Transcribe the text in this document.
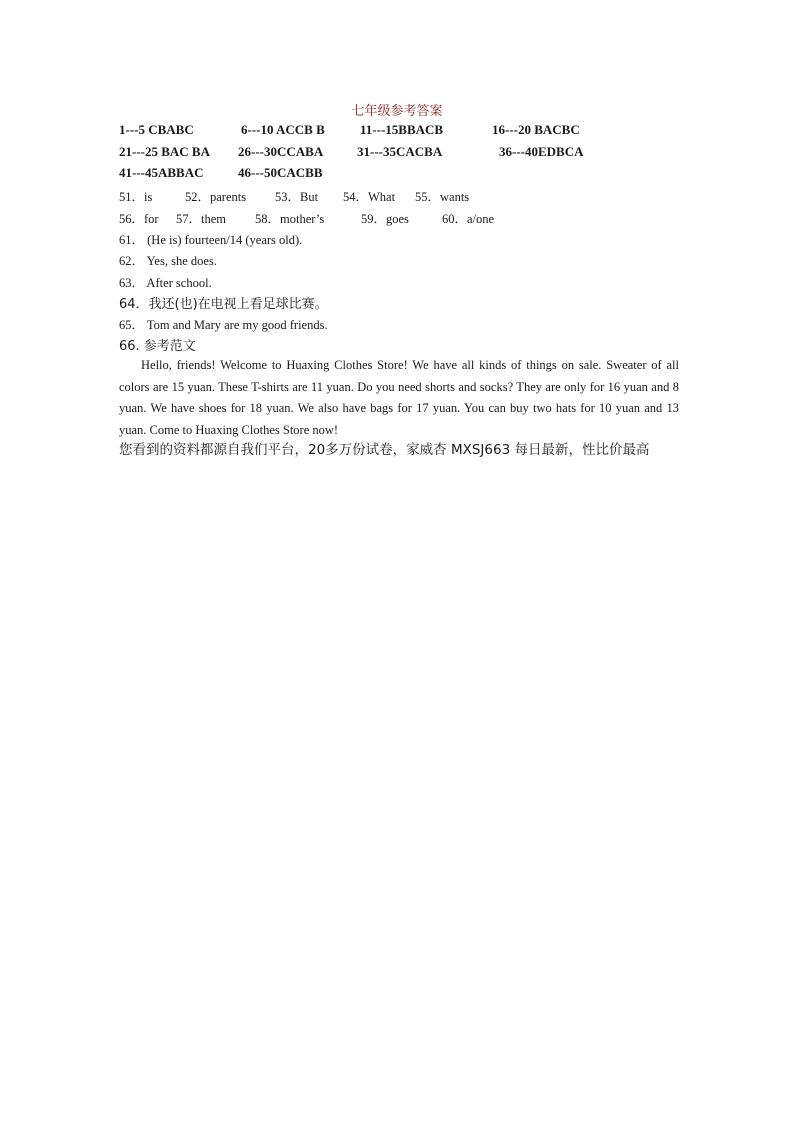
七年级参考答案
1---5 CBABC	6---10 ACCB B	11---15BBACB	16---20 BACBC
21---25 BAC BA 26---30CCABA	31---35CACBA	36---40EDBCA
41---45ABBAC	46---50CACBB
51．is	52．parents 53．But 54．What 55．wants
56．for 57．them 58．mother’s	59．goes	60．a/one
61． (He is) fourteen/14 (years old).
62． Yes, she does.
63． After school.
64．我还(也)在电视上看足球比赛。
65． Tom and Mary are my good friends.
66. 参考范文
Hello, friends! Welcome to Huaxing Clothes Store! We have all kinds of things on sale. Sweater of all colors are 15 yuan. These T-shirts are 11 yuan. Do you need shorts and socks? They are only for 16 yuan and 8 yuan. We have shoes for 18 yuan. We also have bags for 17 yuan. You can buy two hats for 10 yuan and 13 yuan. Come to Huaxing Clothes Store now!
您看到的资料都源自我们平台，20多万份试卷，家威杏 MXSJ663 每日最新，性比价最高
